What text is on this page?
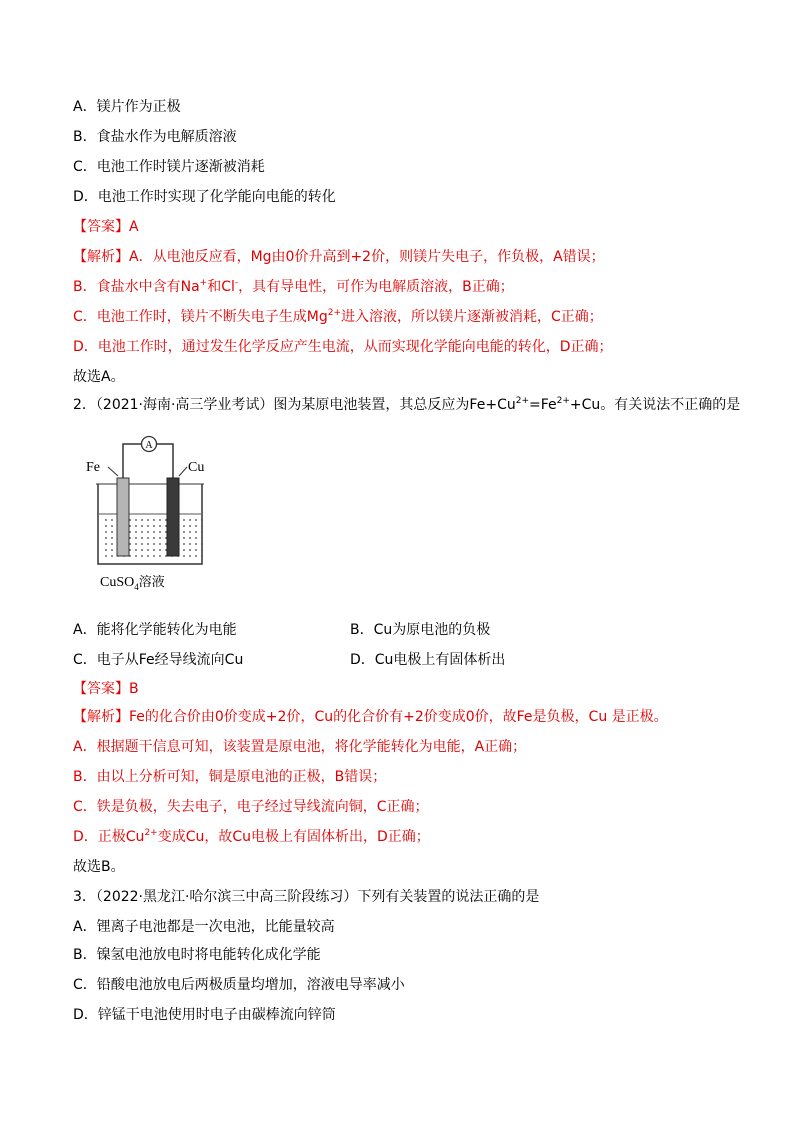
A．镁片作为正极
B．食盐水作为电解质溶液
C．电池工作时镁片逐渐被消耗
D．电池工作时实现了化学能向电能的转化
【答案】A
【解析】A．从电池反应看，Mg由0价升高到+2价，则镁片失电子，作负极，A错误；
B．食盐水中含有Na+和Cl-，具有导电性，可作为电解质溶液，B正确；
C．电池工作时，镁片不断失电子生成$Mg^{2+}$进入溶液，所以镁片逐渐被消耗，C正确；
D．电池工作时，通过发生化学反应产生电流，从而实现化学能向电能的转化，D正确；
故选A。
2．（2021·海南·高三学业考试）图为某原电池装置，其总反应为$Fe+Cu^{2+}=Fe^{2+}+Cu$。有关说法不正确的是
A
Fe	Cu
CuSO$_4$溶液
A．能将化学能转化为电能	B．Cu为原电池的负极
C．电子从Fe经导线流向Cu	D．Cu电极上有固体析出
【答案】B
【解析】Fe的化合价由0价变成+2价，Cu的化合价有+2价变成0价，故Fe是负极，Cu 是正极。
A．根据题干信息可知，该装置是原电池，将化学能转化为电能，A正确；
B．由以上分析可知，铜是原电池的正极，B错误；
C．铁是负极，失去电子，电子经过导线流向铜，C正确；
D．正极$Cu^{2+}$变成Cu，故Cu电极上有固体析出，D正确；
故选B。
3．（2022·黑龙江·哈尔滨三中高三阶段练习）下列有关装置的说法正确的是
A．锂离子电池都是一次电池，比能量较高
B．镍氢电池放电时将电能转化成化学能
C．铅酸电池放电后两极质量均增加，溶液电导率减小
D．锌锰干电池使用时电子由碳棒流向锌筒
